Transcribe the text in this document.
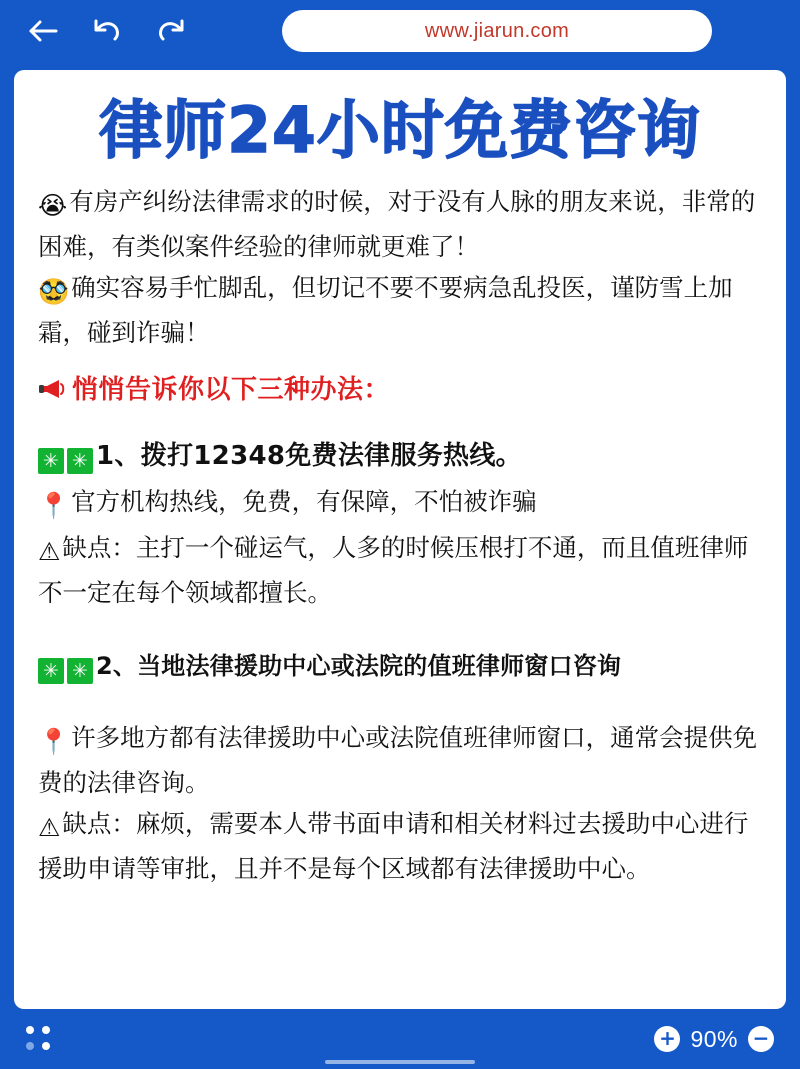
www.jiarun.com
律师24小时免费咨询

😭有房产纠纷法律需求的时候，对于没有人脉的朋友来说，非常的困难，有类似案件经验的律师就更难了！

🥸确实容易手忙脚乱，但切记不要不要病急乱投医，谨防雪上加霜，碰到诈骗！

悄悄告诉你以下三种办法：

✳ ✳ 1、拨打12348免费法律服务热线。

📍官方机构热线，免费，有保障，不怕被诈骗

⚠缺点：主打一个碰运气，人多的时候压根打不通，而且值班律师不一定在每个领域都擅长。

✳ ✳ 2、当地法律援助中心或法院的值班律师窗口咨询

📍许多地方都有法律援助中心或法院值班律师窗口，通常会提供免费的法律咨询。

⚠缺点：麻烦，需要本人带书面申请和相关材料过去援助中心进行援助申请等审批，且并不是每个区域都有法律援助中心。

+ 90% −
